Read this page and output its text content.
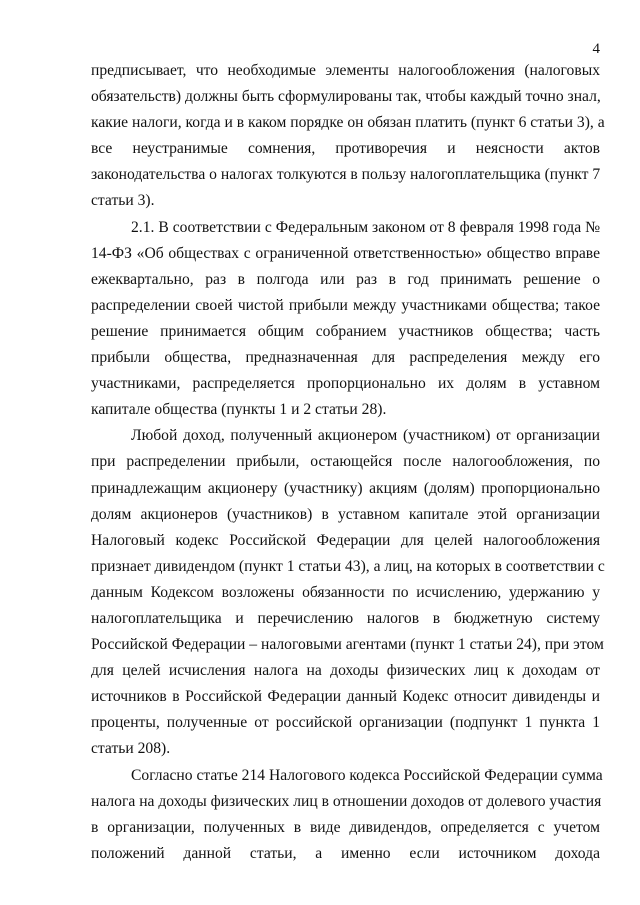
4

предписывает, что необходимые элементы налогообложения (налоговых
обязательств) должны быть сформулированы так, чтобы каждый точно знал,
какие налоги, когда и в каком порядке он обязан платить (пункт 6 статьи 3), а
все неустранимые сомнения, противоречия и неясности актов
законодательства о налогах толкуются в пользу налогоплательщика (пункт 7
статьи 3).

2.1. В соответствии с Федеральным законом от 8 февраля 1998 года №
14-ФЗ «Об обществах с ограниченной ответственностью» общество вправе
ежеквартально, раз в полгода или раз в год принимать решение о
распределении своей чистой прибыли между участниками общества; такое
решение принимается общим собранием участников общества; часть
прибыли общества, предназначенная для распределения между его
участниками, распределяется пропорционально их долям в уставном
капитале общества (пункты 1 и 2 статьи 28).

Любой доход, полученный акционером (участником) от организации
при распределении прибыли, остающейся после налогообложения, по
принадлежащим акционеру (участнику) акциям (долям) пропорционально
долям акционеров (участников) в уставном капитале этой организации
Налоговый кодекс Российской Федерации для целей налогообложения
признает дивидендом (пункт 1 статьи 43), а лиц, на которых в соответствии с
данным Кодексом возложены обязанности по исчислению, удержанию у
налогоплательщика и перечислению налогов в бюджетную систему
Российской Федерации – налоговыми агентами (пункт 1 статьи 24), при этом
для целей исчисления налога на доходы физических лиц к доходам от
источников в Российской Федерации данный Кодекс относит дивиденды и
проценты, полученные от российской организации (подпункт 1 пункта 1
статьи 208).

Согласно статье 214 Налогового кодекса Российской Федерации сумма
налога на доходы физических лиц в отношении доходов от долевого участия
в организации, полученных в виде дивидендов, определяется с учетом
положений данной статьи, а именно если источником дохода
